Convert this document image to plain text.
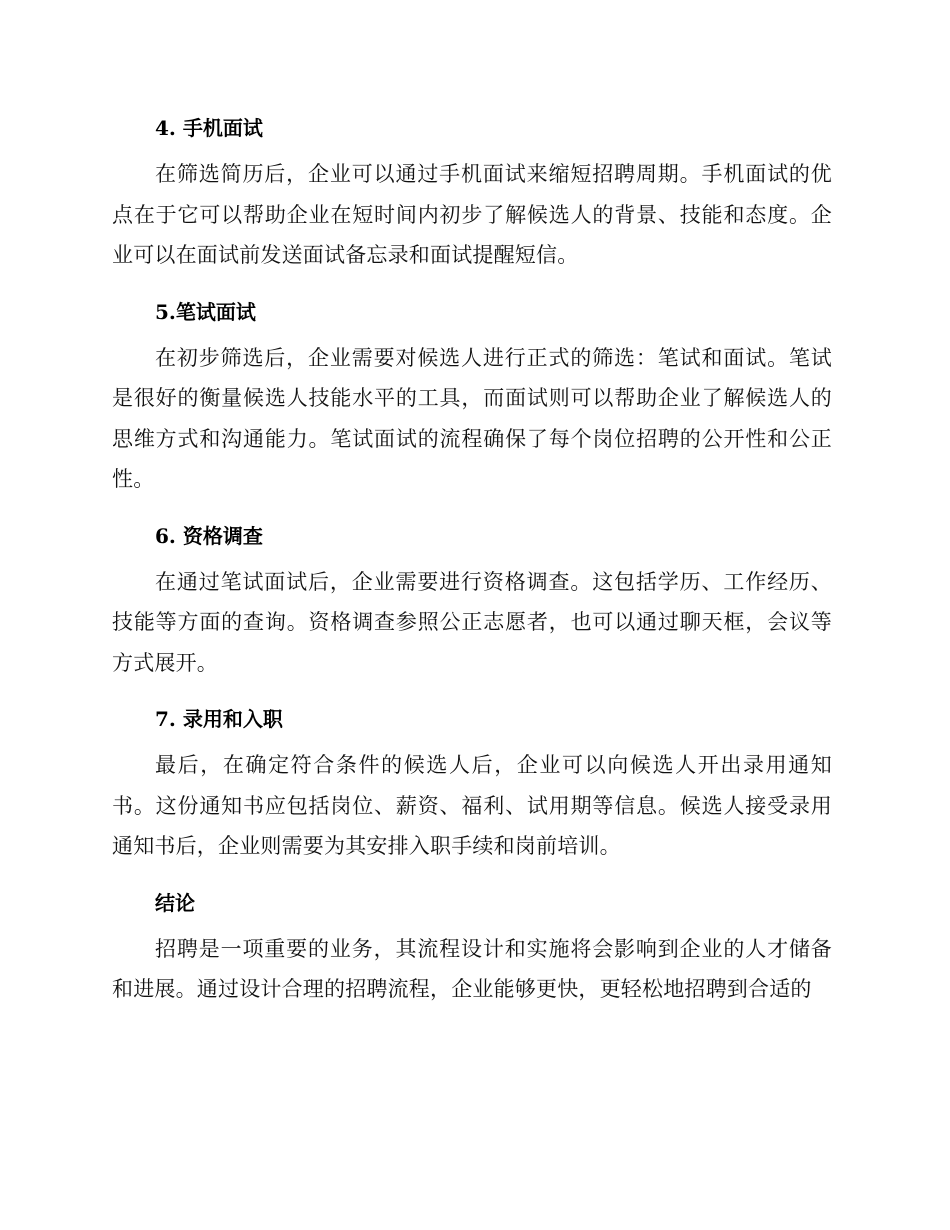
4. 手机面试

在筛选简历后，企业可以通过手机面试来缩短招聘周期。手机面试的优点在于它可以帮助企业在短时间内初步了解候选人的背景、技能和态度。企业可以在面试前发送面试备忘录和面试提醒短信。

5.笔试面试

在初步筛选后，企业需要对候选人进行正式的筛选：笔试和面试。笔试是很好的衡量候选人技能水平的工具，而面试则可以帮助企业了解候选人的思维方式和沟通能力。笔试面试的流程确保了每个岗位招聘的公开性和公正性。

6. 资格调查

在通过笔试面试后，企业需要进行资格调查。这包括学历、工作经历、技能等方面的查询。资格调查参照公正志愿者，也可以通过聊天框，会议等方式展开。

7. 录用和入职

最后，在确定符合条件的候选人后，企业可以向候选人开出录用通知书。这份通知书应包括岗位、薪资、福利、试用期等信息。候选人接受录用通知书后，企业则需要为其安排入职手续和岗前培训。

结论

招聘是一项重要的业务，其流程设计和实施将会影响到企业的人才储备和进展。通过设计合理的招聘流程，企业能够更快，更轻松地招聘到合适的
